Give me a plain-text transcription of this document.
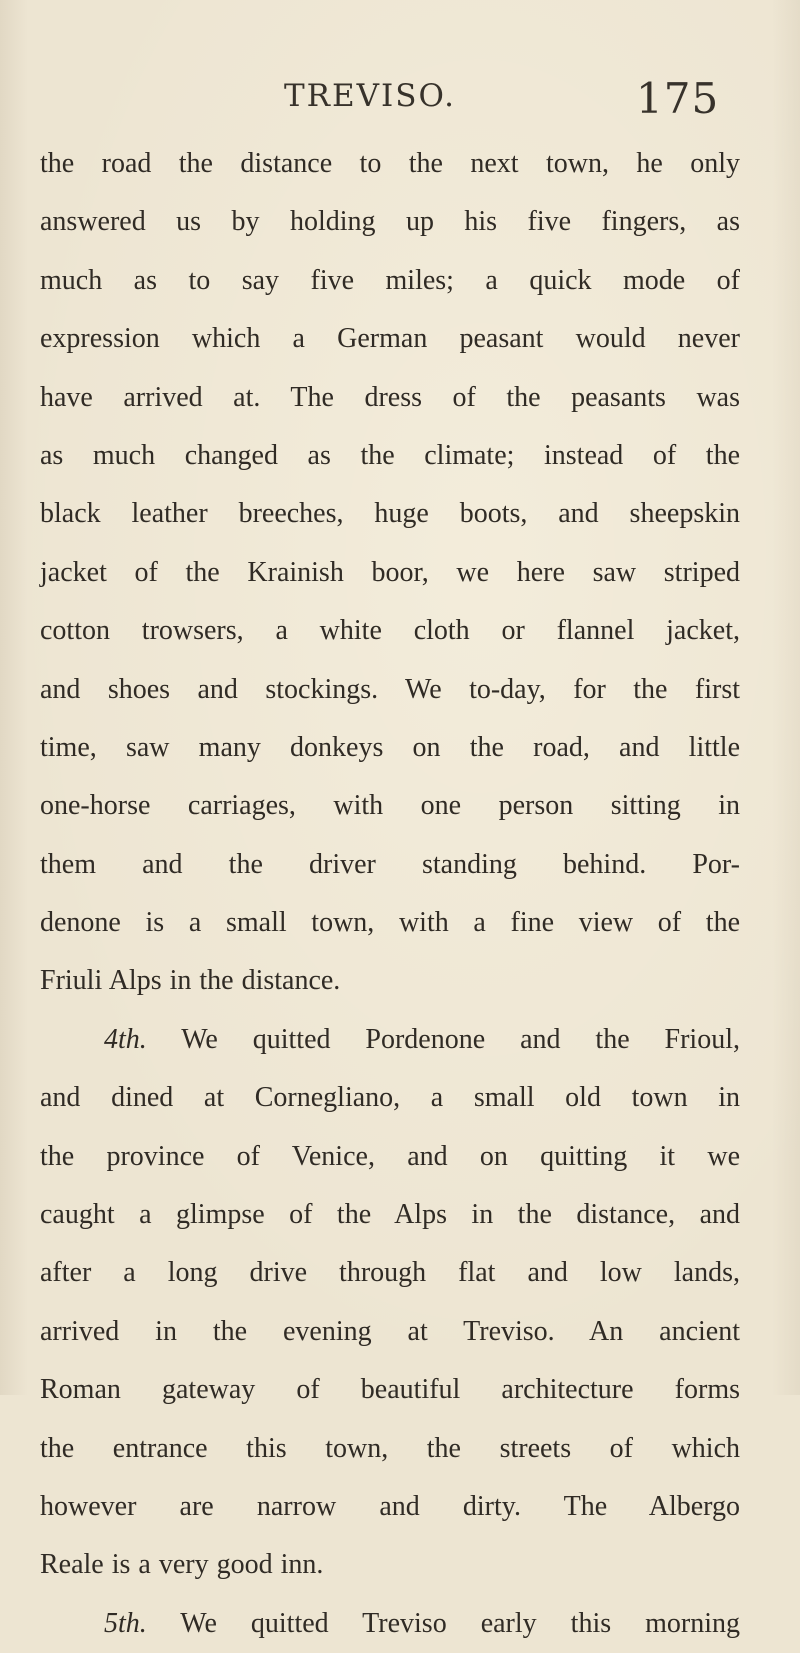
TREVISO.	175
the road the distance to the next town, he only
answered us by holding up his five fingers, as
much as to say five miles; a quick mode of
expression which a German peasant would never
have arrived at. The dress of the peasants was
as much changed as the climate; instead of the
black leather breeches, huge boots, and sheepskin
jacket of the Krainish boor, we here saw striped
cotton trowsers, a white cloth or flannel jacket,
and shoes and stockings. We to-day, for the first
time, saw many donkeys on the road, and little
one-horse carriages, with one person sitting in
them and the driver standing behind. Por-
denone is a small town, with a fine view of the
Friuli Alps in the distance.
4th. We quitted Pordenone and the Frioul,
and dined at Cornegliano, a small old town in
the province of Venice, and on quitting it we
caught a glimpse of the Alps in the distance, and
after a long drive through flat and low lands,
arrived in the evening at Treviso. An ancient
Roman gateway of beautiful architecture forms
the entrance this town, the streets of which
however are narrow and dirty. The Albergo
Reale is a very good inn.
5th. We quitted Treviso early this morning
